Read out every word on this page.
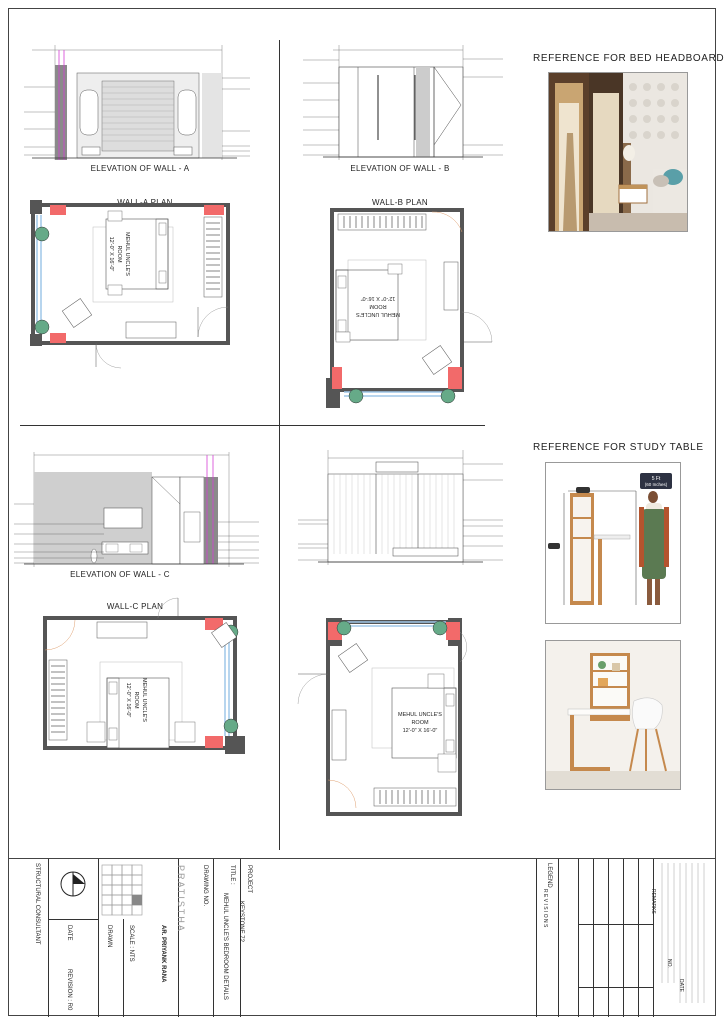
ELEVATION OF WALL - A	ELEVATION OF WALL - B
WALL-A PLAN
MEHUL UNCLE'S
ROOM
12'-0" X 16'-0"
WALL-B PLAN
MEHUL UNCLE'S
ROOM
12'-0" X 16'-0"
REFERENCE FOR BED HEADBOARD
ELEVATION OF WALL - C
WALL-C PLAN
MEHUL UNCLE'S
ROOM
12'-0" X 16'-0"	MEHUL UNCLE'S
ROOM
12'-0" X 16'-0"
REFERENCE FOR STUDY TABLE
5 Ft
(60 Inches)
STRUCTURAL CONSULTANT	DATE	DRAWN	SCALE : NTS
REVISION : R0
AR. PRIYANK RANA
PRATISTHA	DRAWING NO.	TITLE :
MEHUL UNCLE'S BEDROOM DETAILS
PROJECT
KEYSTONE 72
LEGEND
R E V I S I O N S	REMARKS
NO.
DATE
